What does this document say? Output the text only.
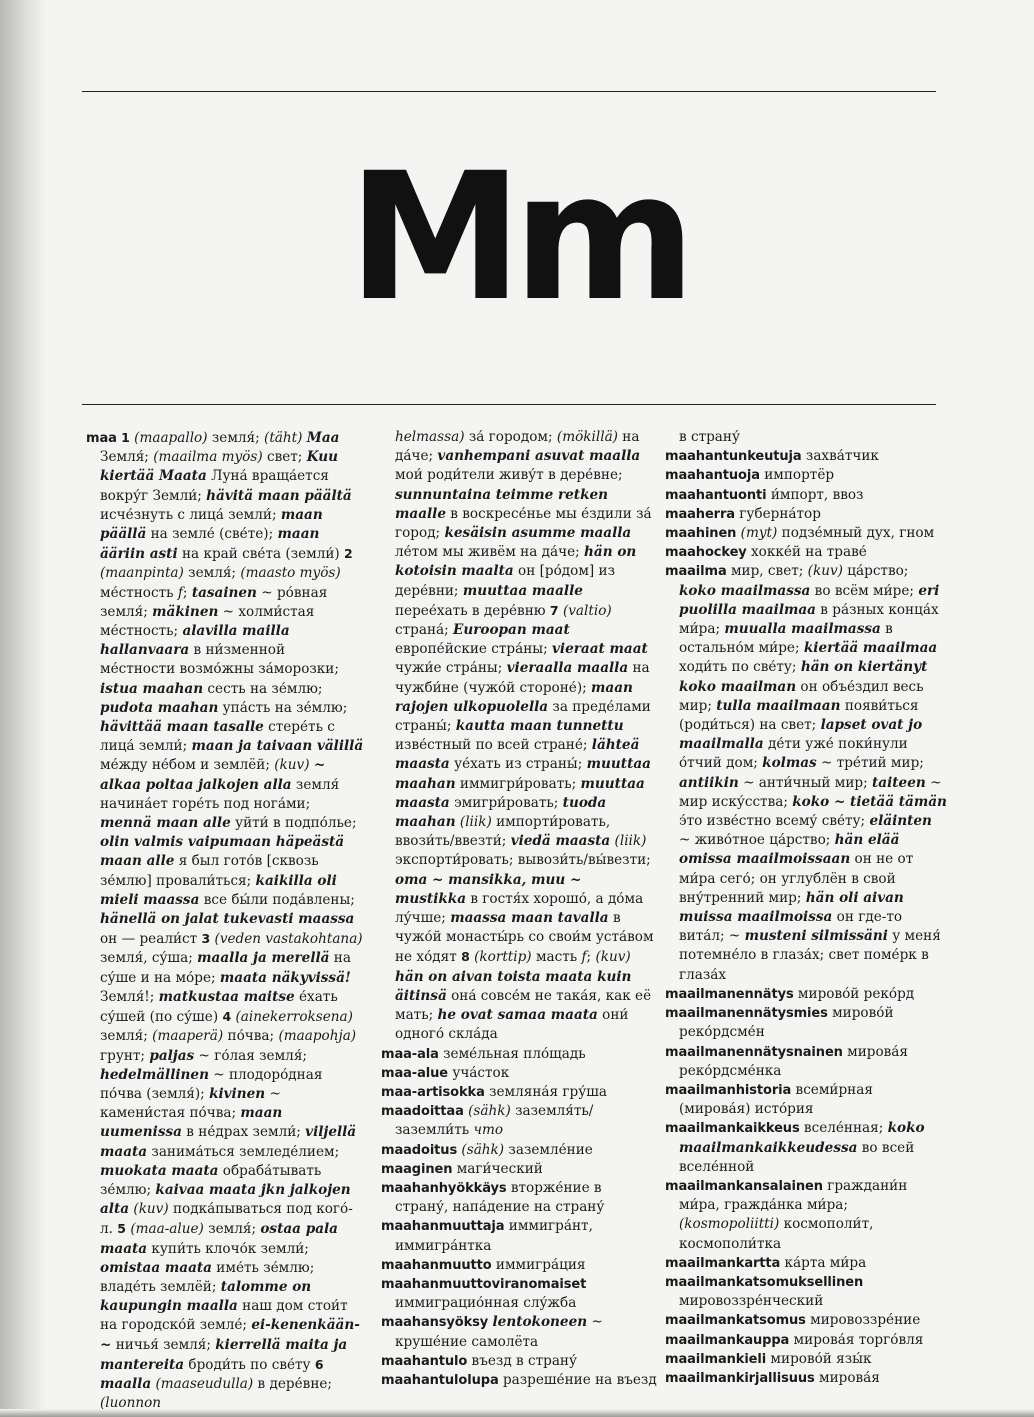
Mm

maa 1 (maapallo) земля́; (täht) Maa Земля́; (maailma myös) свет; Kuu kiertää Maata Луна́ враща́ется вокру́г Земли́; hävitä maan päältä исче́знуть с лица́ земли́; maan päällä на земле́ (све́те); maan ääriin asti на край све́та (земли́) 2 (maanpinta) земля́; (maasto myös) ме́стность f; tasainen ~ ро́вная земля́; mäkinen ~ холми́стая ме́стность; alavilla mailla hallanvaara в ни́зменной ме́стности возмо́жны за́морозки; istua maahan сесть на зе́млю; pudota maahan упа́сть на зе́млю; hävittää maan tasalle стере́ть с лица́ земли́; maan ja taivaan välillä ме́жду не́бом и землёй; (kuv) ~ alkaa poltaa jalkojen alla земля́ начина́ет горе́ть под нога́ми; mennä maan alle уйти́ в подпо́лье; olin valmis vaipumaan häpeästä maan alle я был гото́в [сквозь зе́млю] провали́ться; kaikilla oli mieli maassa все бы́ли пода́влены; hänellä on jalat tukevasti maassa он — реали́ст 3 (veden vastakohtana) земля́, су́ша; maalla ja merellä на су́ше и на мо́ре; maata näkyvissä! Земля́!; matkustaa maitse е́хать су́шей (по су́ше) 4 (ainekerroksena) земля́; (maaperä) по́чва; (maapohja) грунт; paljas ~ го́лая земля́; hedelmällinen ~ плодоро́дная по́чва (земля́); kivinen ~ камени́стая по́чва; maan uumenissa в не́драх земли́; viljellä maata занима́ться земледе́лием; muokata maata обраба́тывать зе́млю; kaivaa maata jkn jalkojen alta (kuv) подка́пываться под кого́-л. 5 (maa-alue) земля́; ostaa pala maata купи́ть клочо́к земли́; omistaa maata име́ть зе́млю; владе́ть землёй; talomme on kaupungin maalla наш дом стои́т на городско́й земле́; ei-kenenkään-~ ничья́ земля́; kierrellä maita ja mantereita броди́ть по све́ту 6 maalla (maaseudulla) в дере́вне; (luonnon

helmassa) за́ городом; (mökillä) на да́че; vanhempani asuvat maalla мои́ роди́тели живу́т в дере́вне; sunnuntaina teimme retken maalle в воскресе́нье мы е́здили за́ город; kesäisin asumme maalla ле́том мы живём на да́че; hän on kotoisin maalta он [ро́дом] из дере́вни; muuttaa maalle перее́хать в дере́вню 7 (valtio) страна́; Euroopan maat европе́йские стра́ны; vieraat maat чужи́е стра́ны; vieraalla maalla на чужби́не (чужо́й стороне́); maan rajojen ulkopuolella за преде́лами страны́; kautta maan tunnettu изве́стный по всей стране́; lähteä maasta уе́хать из страны́; muuttaa maahan иммигри́ровать; muuttaa maasta эмигри́ровать; tuoda maahan (liik) импорти́ровать, ввози́ть/ввезти́; viedä maasta (liik) экспорти́ровать; вывози́ть/вы́везти; oma ~ mansikka, muu ~ mustikka в гостя́х хорошо́, а до́ма лу́чше; maassa maan tavalla в чужо́й монасты́рь со свои́м уста́вом не хо́дят 8 (korttip) масть f; (kuv) hän on aivan toista maata kuin äitinsä она́ совсе́м не така́я, как её мать; he ovat samaa maata они́ одного́ скла́да

maa-ala земе́льная пло́щадь

maa-alue уча́сток

maa-artisokka земляна́я гру́ша

maadoittaa (sähk) заземля́ть/заземли́ть что

maadoitus (sähk) заземле́ние

maaginen маги́ческий

maahanhyökkäys вторже́ние в страну́, напа́дение на страну́

maahanmuuttaja иммигра́нт, иммигра́нтка

maahanmuutto иммигра́ция

maahanmuuttoviranomaiset иммиграцио́нная слу́жба

maahansyöksy lentokoneen ~ круше́ние самолёта

maahantulo въезд в страну́

maahantulolupa разреше́ние на въезд

в страну́

maahantunkeutuja захва́тчик

maahantuoja импортёр

maahantuonti и́мпорт, ввоз

maaherra губерна́тор

maahinen (myt) подзе́мный дух, гном

maahockey хокке́й на траве́

maailma мир, свет; (kuv) ца́рство; koko maailmassa во всём ми́ре; eri puolilla maailmaa в ра́зных конца́х ми́ра; muualla maailmassa в остально́м ми́ре; kiertää maailmaa ходи́ть по све́ту; hän on kiertänyt koko maailman он объе́здил весь мир; tulla maailmaan появи́ться (роди́ться) на свет; lapset ovat jo maailmalla де́ти уже́ поки́нули о́тчий дом; kolmas ~ тре́тий мир; antiikin ~ анти́чный мир; taiteen ~ мир иску́сства; koko ~ tietää tämän э́то изве́стно всему́ све́ту; eläinten ~ живо́тное ца́рство; hän elää omissa maailmoissaan он не от ми́ра сего́; он углублён в свой вну́тренний мир; hän oli aivan muissa maailmoissa он где-то вита́л; ~ musteni silmissäni у меня́ потемне́ло в глаза́х; свет поме́рк в глаза́х

maailmanennätys мирово́й реко́рд

maailmanennätysmies мирово́й реко́рдсме́н

maailmanennätysnainen мирова́я реко́рдсме́нка

maailmanhistoria всеми́рная (мирова́я) исто́рия

maailmankaikkeus вселе́нная; koko maailmankaikkeudessa во всей вселе́нной

maailmankansalainen граждани́н ми́ра, гражда́нка ми́ра; (kosmopoliitti) космополи́т, космополи́тка

maailmankartta ка́рта ми́ра

maailmankatsomuksellinen мировоззре́нческий

maailmankatsomus мировоззре́ние

maailmankauppa мирова́я торго́вля

maailmankieli мирово́й язы́к

maailmankirjallisuus мирова́я
